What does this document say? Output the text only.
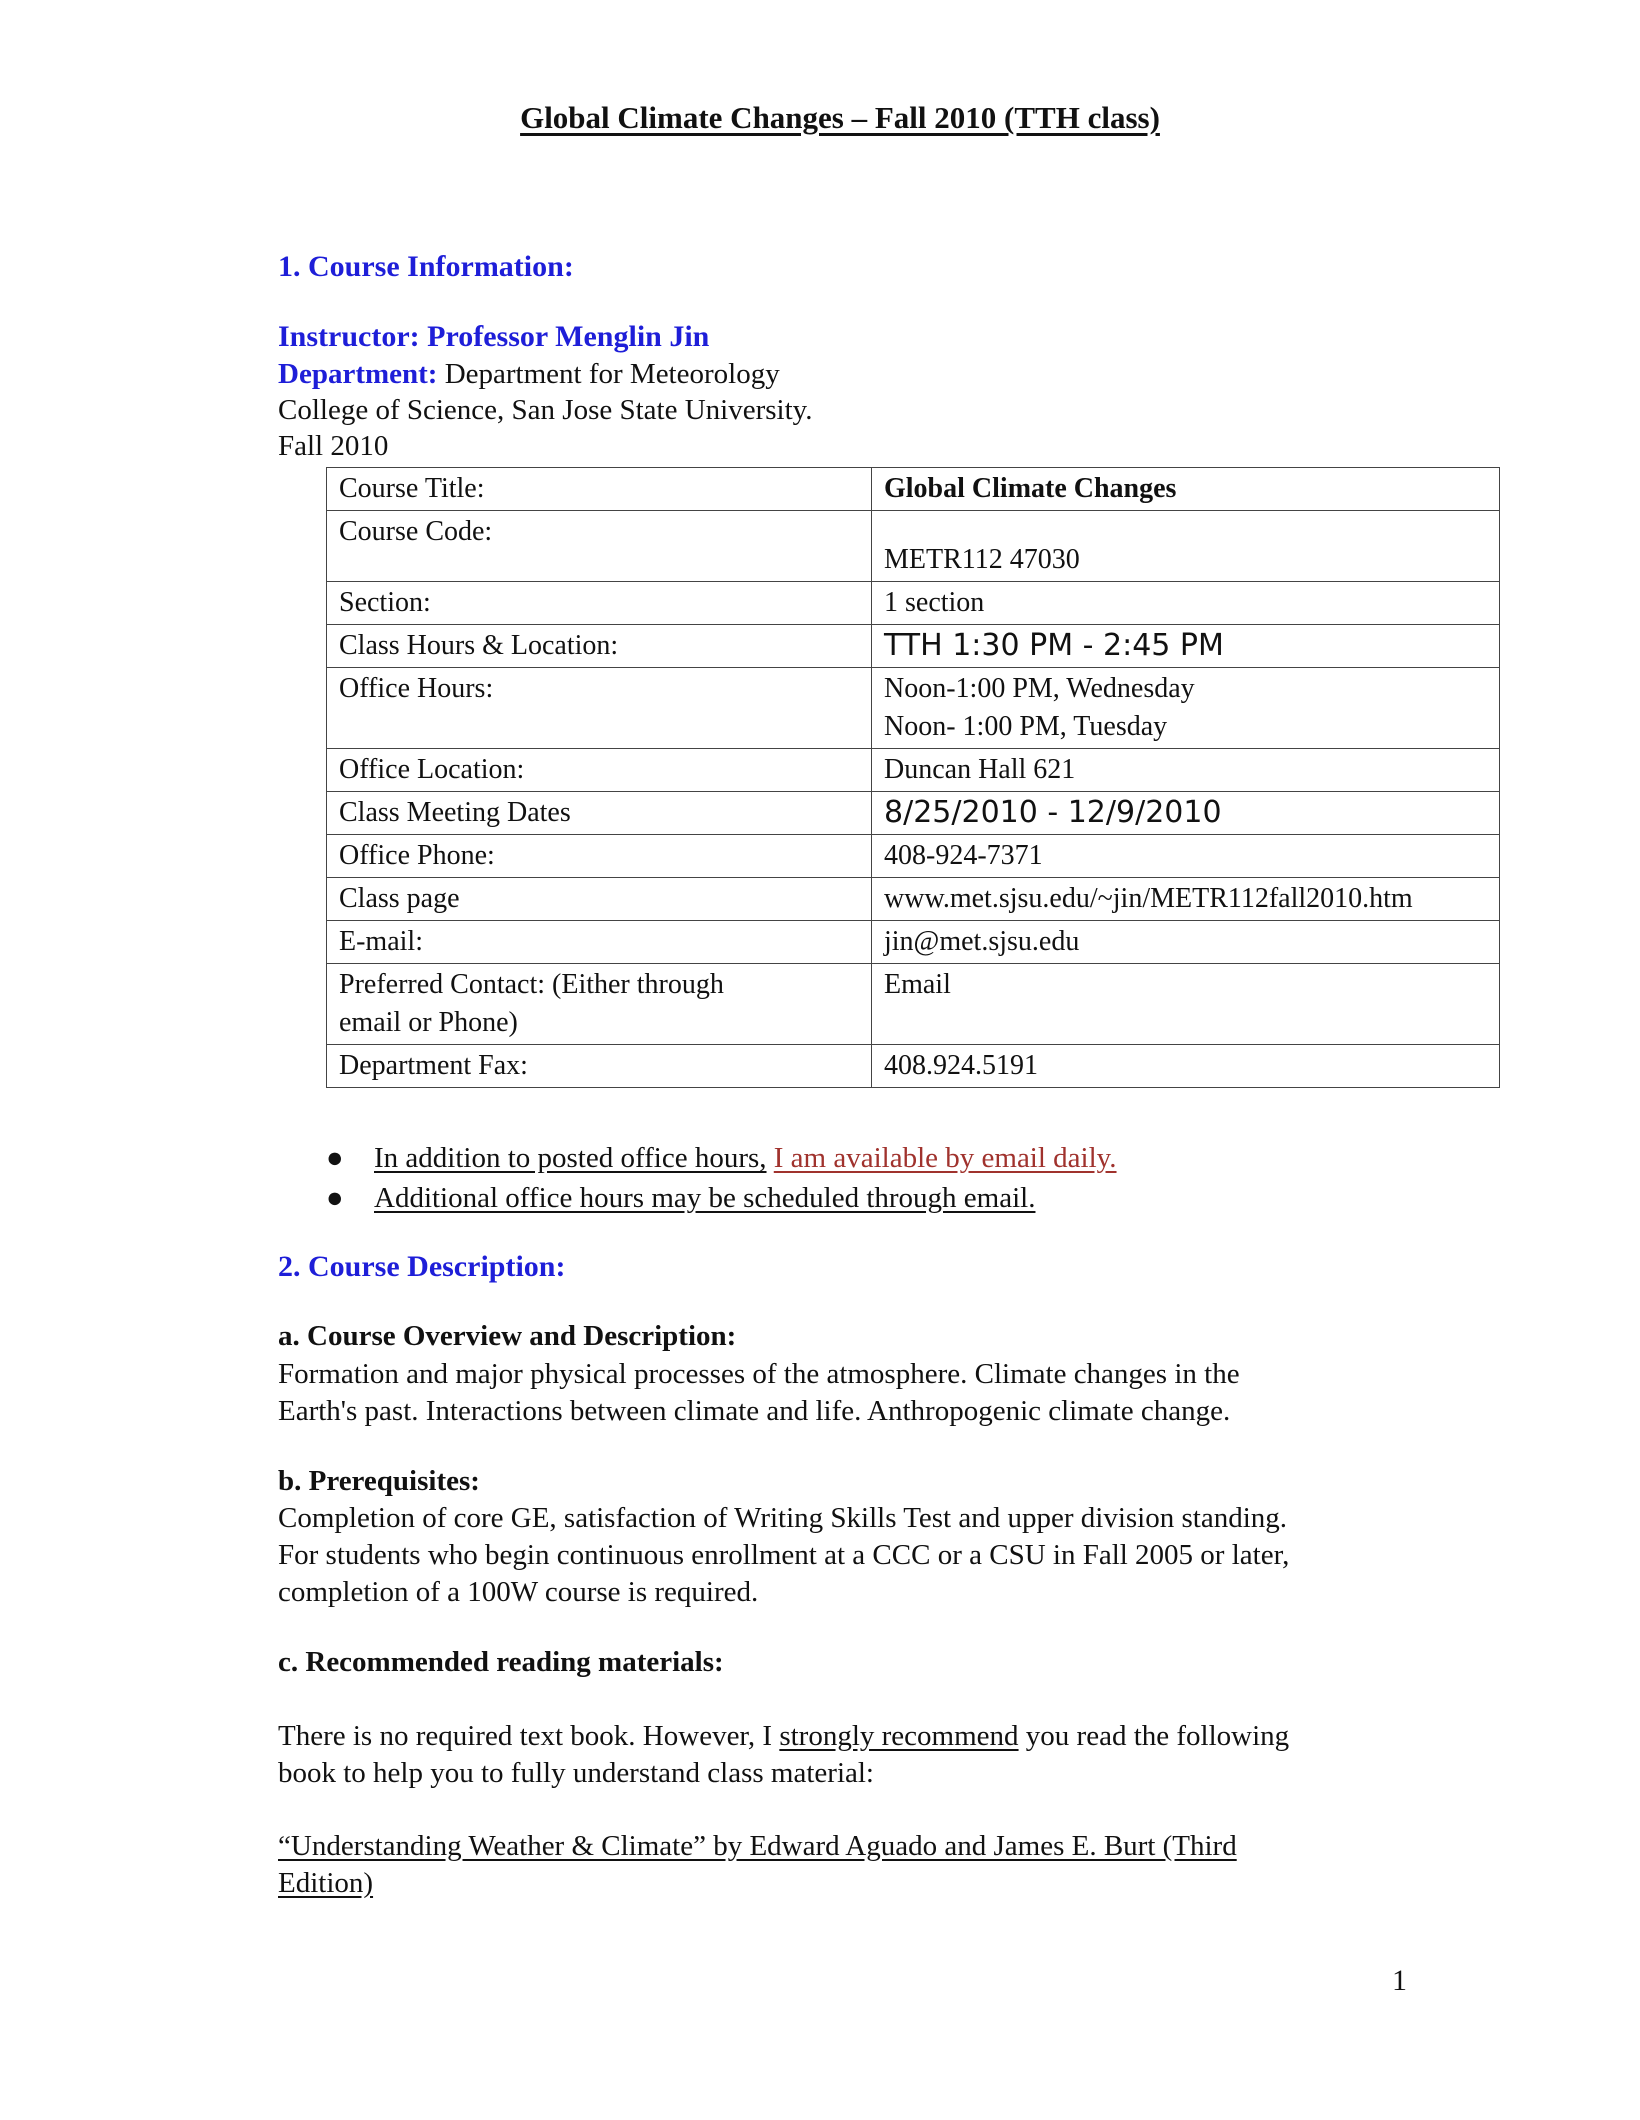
Global Climate Changes – Fall 2010 (TTH class)
1. Course Information:
Instructor: Professor Menglin Jin
Department: Department for Meteorology
College of Science, San Jose State University.
Fall 2010
Course Title:	Global Climate Changes
Course Code:	METR112 47030
Section:	1 section
Class Hours & Location:	TTH 1:30 PM - 2:45 PM
Office Hours:	Noon-1:00 PM, Wednesday
Noon- 1:00 PM, Tuesday

Office Location:	Duncan Hall 621
Class Meeting Dates	8/25/2010 - 12/9/2010
Office Phone:	408-924-7371
Class page	www.met.sjsu.edu/~jin/METR112fall2010.htm
E-mail:	jin@met.sjsu.edu

Preferred Contact: (Either through
email or Phone)	Email
Department Fax:	408.924.5191
● In addition to posted office hours, I am available by email daily.
● Additional office hours may be scheduled through email.
2. Course Description:
a. Course Overview and Description:
Formation and major physical processes of the atmosphere. Climate changes in the
Earth's past. Interactions between climate and life. Anthropogenic climate change.
b. Prerequisites:
Completion of core GE, satisfaction of Writing Skills Test and upper division standing.
For students who begin continuous enrollment at a CCC or a CSU in Fall 2005 or later,
completion of a 100W course is required.
c. Recommended reading materials:
There is no required text book. However, I strongly recommend you read the following
book to help you to fully understand class material:
“Understanding Weather & Climate” by Edward Aguado and James E. Burt (Third
Edition)
1
